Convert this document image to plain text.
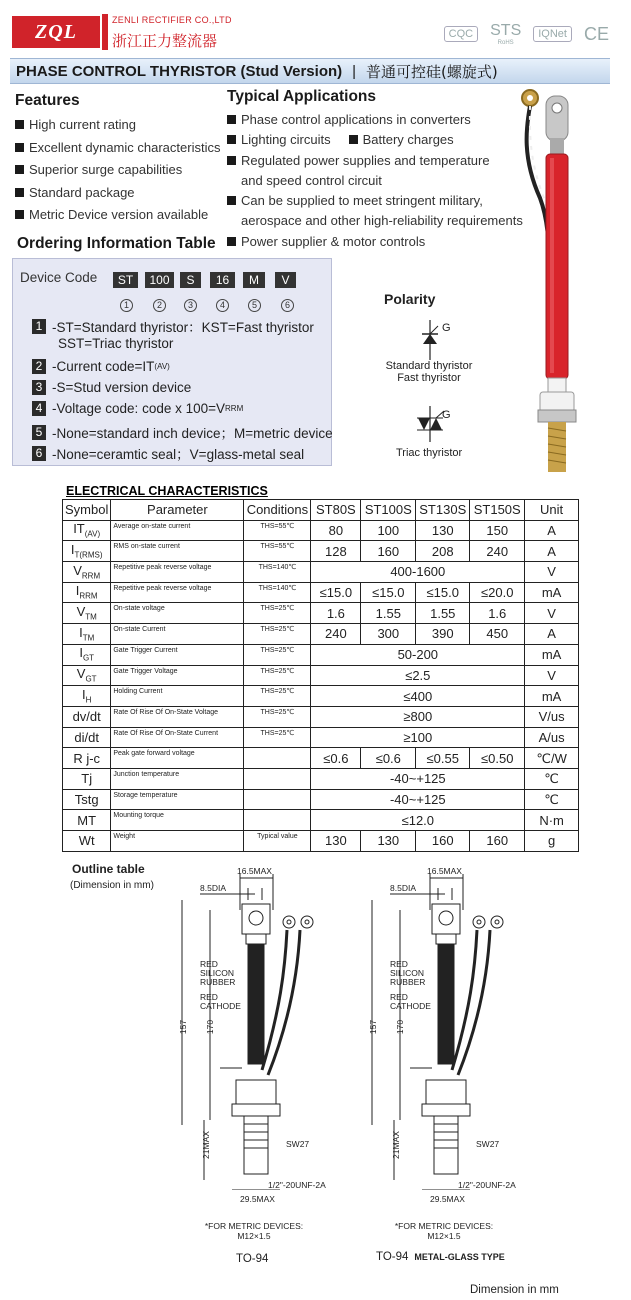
ZQL
ZENLI RECTIFIER CO.,LTD
浙江正力整流器	CQC	STS
RoHS
IQNet CE
PHASE CONTROL THYRISTOR (Stud Version) | 普通可控硅(螺旋式)
Features
High current rating
Excellent dynamic characteristics
Superior surge capabilities
Standard package
Metric Device version available
Typical Applications
Phase control applications in converters
Lighting circuits Battery charges
Regulated power supplies and temperature
and speed control circuit
Can be supplied to meet stringent military,
aerospace and other high-reliability requirements
Power supplier & motor controls
Ordering Information Table
Device Code	ST	100	S	16	M	V
1	2	3	4	5	6
1 -ST=Standard thyristor：KST=Fast thyristor
SST=Triac thyristor
2 -Current code=IT (AV)
3 -S=Stud version device
4 -Voltage code: code x 100=V RRM
5 -None=standard inch device；M=metric device
6 -None=ceramtic seal；V=glass-metal seal
Polarity
G
Standard thyristor
Fast thyristor
G
Triac thyristor
ELECTRICAL CHARACTERISTICS
Symbol	Parameter	Conditions	ST80S	ST100S	ST130S	ST150S	Unit
$IT_{(AV)}$	Average on-state current	THS=55℃	80	100	130	150	A
$I_{T(RMS)}$	RMS on-state current	THS=55℃	128	160	208	240	A
$V_{RRM}$	Repetitive peak reverse voltage	THS=140℃	400-1600				V
$I_{RRM}$	Repetitive peak reverse voltage	THS=140℃	≤15.0	≤15.0	≤15.0	≤20.0	mA
$V_{TM}$	On-state voltage	THS=25℃	1.6	1.55	1.55	1.6	V
$I_{TM}$	On-state Current	THS=25℃	240	300	390	450	A
$I_{GT}$	Gate Trigger Current	THS=25℃	50-200				mA
$V_{GT}$	Gate Trigger Voltage	THS=25℃	≤2.5				V
$I_H$	Holding Current	THS=25℃	≤400				mA
dv/dt	Rate Of Rise Of On-State Voltage	THS=25℃	≥800				V/us
di/dt	Rate Of Rise Of On-State Current	THS=25℃	≥100				A/us
R j-c	Peak gate forward voltage		≤0.6	≤0.6	≤0.55	≤0.50	℃/W
Tj	Junction temperature		-40~+125				℃
Tstg	Storage temperature		-40~+125				℃
MT	Mounting torque		≤12.0				N·m
Wt	Weight	Typical value	130	130	160	160	g
Outline table
(Dimension in mm)
16.5MAX
8.5DIA
RED
SILICON
RUBBER
RED
CATHODE
157 170
21MAX	SW27
1/2"-20UNF-2A
29.5MAX
*FOR METRIC DEVICES:
M12×1.5
TO-94
16.5MAX
8.5DIA
RED
SILICON
RUBBER
RED
CATHODE
157 170
21MAX	SW27
1/2"-20UNF-2A
29.5MAX
*FOR METRIC DEVICES:
M12×1.5
TO-94 METAL-GLASS TYPE
Dimension in mm
